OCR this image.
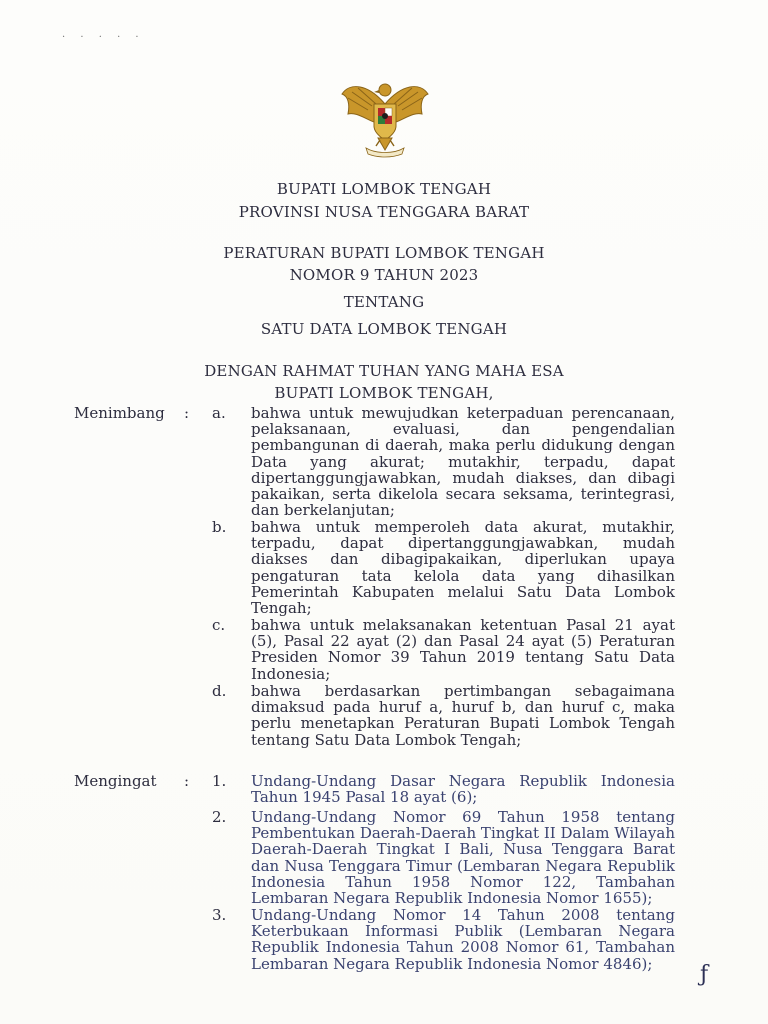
· · · · ·
BUPATI LOMBOK TENGAH
PROVINSI NUSA TENGGARA BARAT
PERATURAN BUPATI LOMBOK TENGAH
NOMOR 9 TAHUN 2023
TENTANG
SATU DATA LOMBOK TENGAH
DENGAN RAHMAT TUHAN YANG MAHA ESA
BUPATI LOMBOK TENGAH,
Menimbang : a. bahwa untuk mewujudkan keterpaduan perencanaan, pelaksanaan, evaluasi, dan pengendalian pembangunan di daerah, maka perlu didukung dengan Data yang akurat; mutakhir, terpadu, dapat dipertanggungjawabkan, mudah diakses, dan dibagi pakaikan, serta dikelola secara seksama, terintegrasi, dan berkelanjutan;
b. bahwa untuk memperoleh data akurat, mutakhir, terpadu, dapat dipertanggungjawabkan, mudah diakses dan dibagipakaikan, diperlukan upaya pengaturan tata kelola data yang dihasilkan Pemerintah Kabupaten melalui Satu Data Lombok Tengah;
c. bahwa untuk melaksanakan ketentuan Pasal 21 ayat (5), Pasal 22 ayat (2) dan Pasal 24 ayat (5) Peraturan Presiden Nomor 39 Tahun 2019 tentang Satu Data Indonesia;
d. bahwa berdasarkan pertimbangan sebagaimana dimaksud pada huruf a, huruf b, dan huruf c, maka perlu menetapkan Peraturan Bupati Lombok Tengah tentang Satu Data Lombok Tengah;
Mengingat : 1. Undang-Undang Dasar Negara Republik Indonesia Tahun 1945 Pasal 18 ayat (6);
2. Undang-Undang Nomor 69 Tahun 1958 tentang Pembentukan Daerah-Daerah Tingkat II Dalam Wilayah Daerah-Daerah Tingkat I Bali, Nusa Tenggara Barat dan Nusa Tenggara Timur (Lembaran Negara Republik Indonesia Tahun 1958 Nomor 122, Tambahan Lembaran Negara Republik Indonesia Nomor 1655);
3. Undang-Undang Nomor 14 Tahun 2008 tentang Keterbukaan Informasi Publik (Lembaran Negara Republik Indonesia Tahun 2008 Nomor 61, Tambahan Lembaran Negara Republik Indonesia Nomor 4846);	ƒ
